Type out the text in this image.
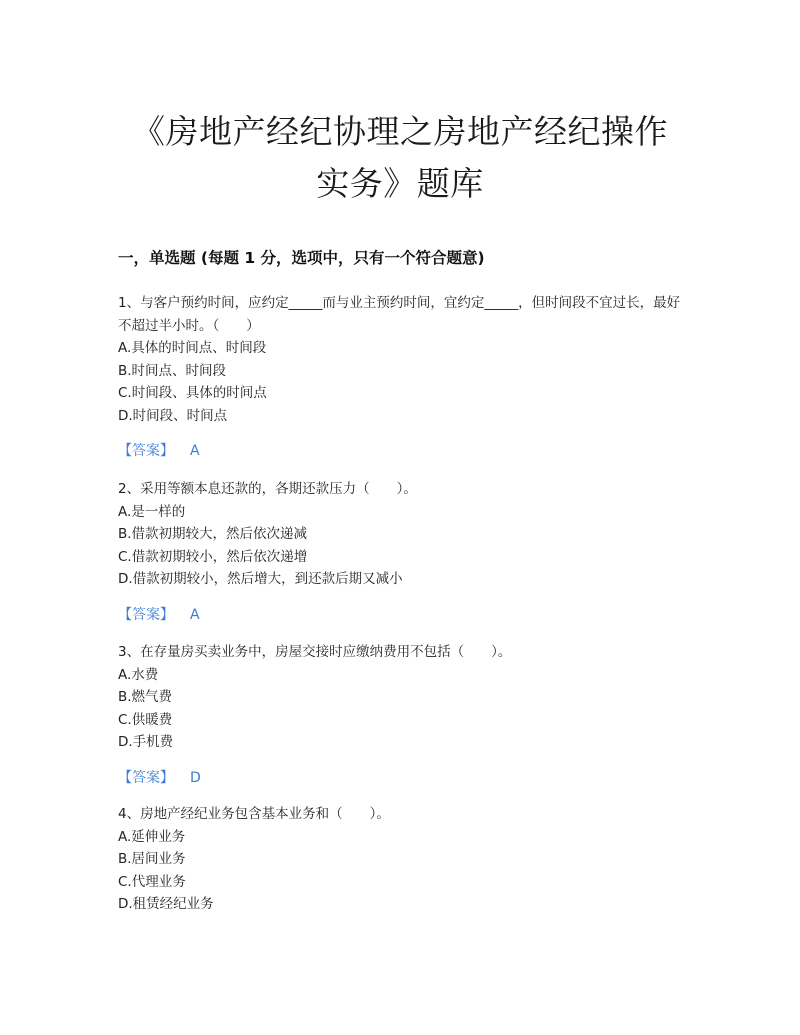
《房地产经纪协理之房地产经纪操作
实务》题库
一，单选题 (每题 1 分，选项中，只有一个符合题意)

1、与客户预约时间，应约定_____而与业主预约时间，宜约定_____，但时间段不宜过长，最好不超过半小时。（　　）

A.具体的时间点、时间段

B.时间点、时间段

C.时间段、具体的时间点

D.时间段、时间点

【答案】 A

2、采用等额本息还款的，各期还款压力（　　）。

A.是一样的

B.借款初期较大，然后依次递减

C.借款初期较小，然后依次递增

D.借款初期较小，然后增大，到还款后期又减小

【答案】 A

3、在存量房买卖业务中，房屋交接时应缴纳费用不包括（　　）。

A.水费

B.燃气费

C.供暖费

D.手机费

【答案】 D

4、房地产经纪业务包含基本业务和（　　）。

A.延伸业务

B.居间业务

C.代理业务

D.租赁经纪业务
